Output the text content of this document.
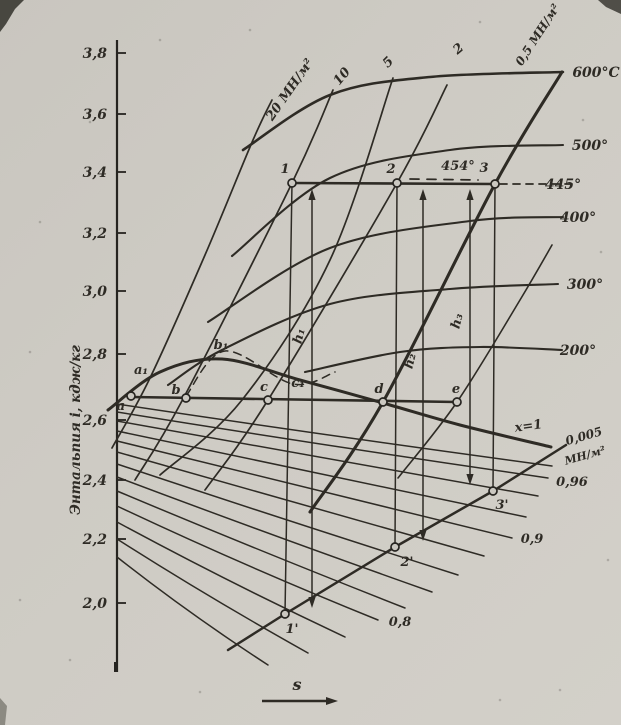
3,8
3,6
3,4
3,2
3,0
2,8
2,6
2,4
2,2
2,0
Энтальпия i, кдж/кг
s
20 МН/м² 10
5
2	0,5 МН/м²
600°C
500°
454°
445°
400°
300°
200°
x=1 0,005
МН/м²
0,96
0,9
0,8
h₁
h₂
h₃
1	2	3
1'
2'
3'
a
a₁
b
b₁
c c₁	d	e
